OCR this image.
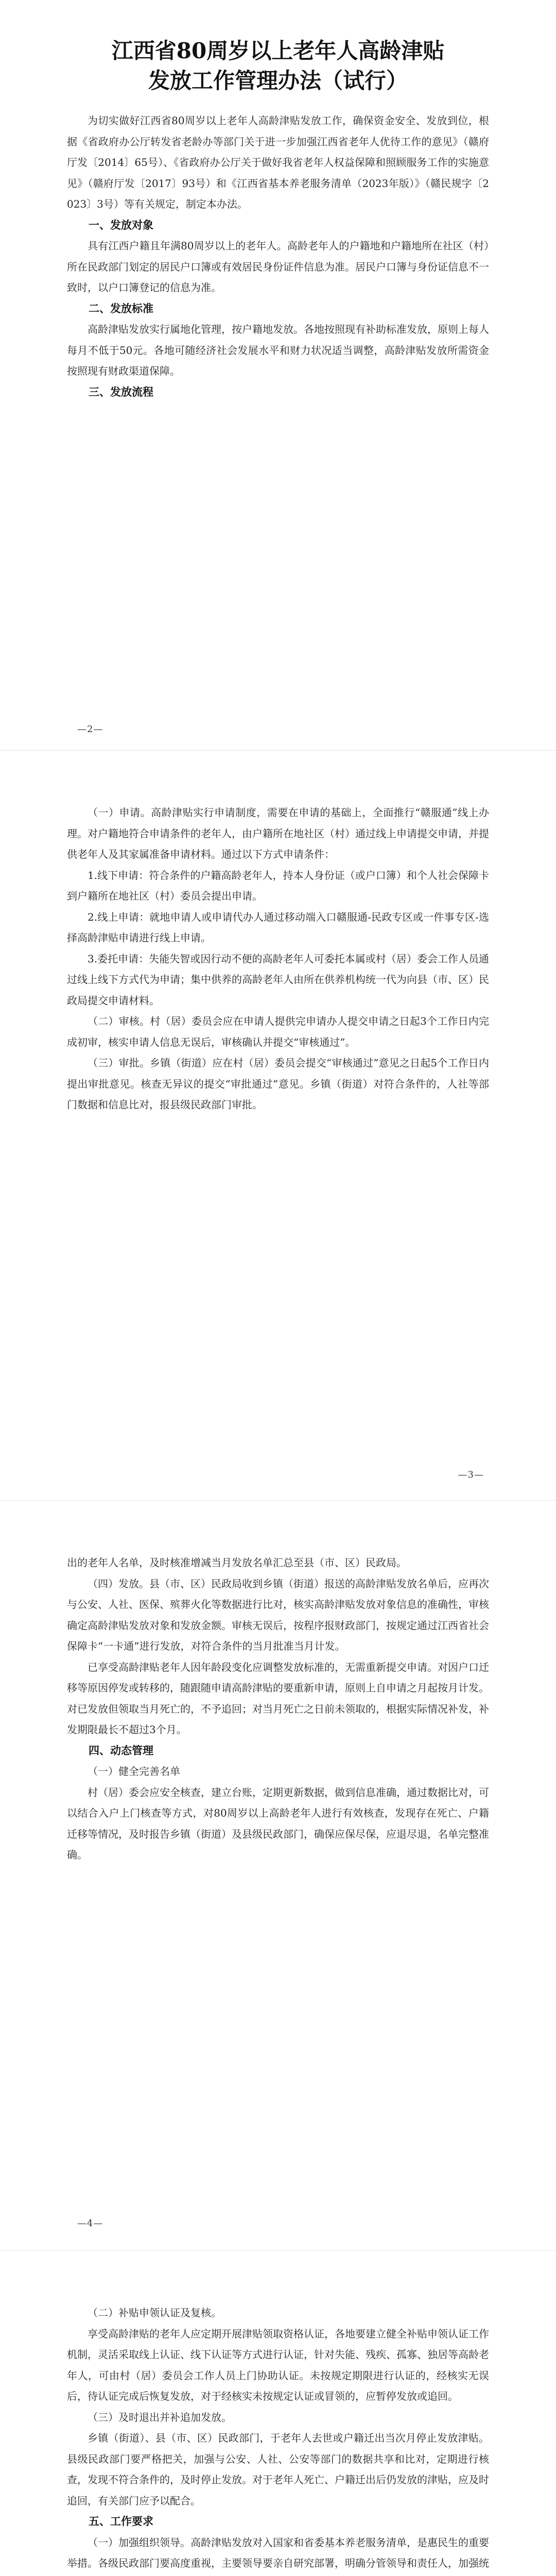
江西省80周岁以上老年人高龄津贴
发放工作管理办法（试行）

为切实做好江西省80周岁以上老年人高龄津贴发放工作，确保资金安全、发放到位，根据《省政府办公厅转发省老龄办等部门关于进一步加强江西省老年人优待工作的意见》（赣府厅发〔2014〕65号）、《省政府办公厅关于做好我省老年人权益保障和照顾服务工作的实施意见》（赣府厅发〔2017〕93号）和《江西省基本养老服务清单（2023年版）》（赣民规字〔2023〕3号）等有关规定，制定本办法。

一、发放对象

具有江西户籍且年满80周岁以上的老年人。高龄老年人的户籍地和户籍地所在社区（村）所在民政部门划定的居民户口簿或有效居民身份证件信息为准。居民户口簿与身份证信息不一致时，以户口簿登记的信息为准。

二、发放标准

高龄津贴发放实行属地化管理，按户籍地发放。各地按照现有补助标准发放，原则上每人每月不低于50元。各地可随经济社会发展水平和财力状况适当调整，高龄津贴发放所需资金按照现有财政渠道保障。

三、发放流程

—2—

（一）申请。高龄津贴实行申请制度，需要在申请的基础上，全面推行“赣服通”线上办理。对户籍地符合申请条件的老年人，由户籍所在地社区（村）通过线上申请提交申请，并提供老年人及其家属准备申请材料。通过以下方式申请条件：

1.线下申请：符合条件的户籍高龄老年人，持本人身份证（或户口簿）和个人社会保障卡到户籍所在地社区（村）委员会提出申请。

2.线上申请：就地申请人或申请代办人通过移动端入口赣服通-民政专区或一件事专区-选择高龄津贴申请进行线上申请。

3.委托申请：失能失智或因行动不便的高龄老年人可委托本属或村（居）委会工作人员通过线上线下方式代为申请；集中供养的高龄老年人由所在供养机构统一代为向县（市、区）民政局提交申请材料。

（二）审核。村（居）委员会应在申请人提供完申请办人提交申请之日起3个工作日内完成初审，核实申请人信息无误后，审核确认并提交“审核通过”。

（三）审批。乡镇（街道）应在村（居）委员会提交“审核通过”意见之日起5个工作日内提出审批意见。核查无异议的提交“审批通过”意见。乡镇（街道）对符合条件的，人社等部门数据和信息比对，报县级民政部门审批。

—3—

出的老年人名单，及时核准增减当月发放名单汇总至县（市、区）民政局。

（四）发放。县（市、区）民政局收到乡镇（街道）报送的高龄津贴发放名单后，应再次与公安、人社、医保、殡葬火化等数据进行比对，核实高龄津贴发放对象信息的准确性，审核确定高龄津贴发放对象和发放金额。审核无误后，按程序报财政部门，按规定通过江西省社会保障卡“一卡通”进行发放，对符合条件的当月批准当月计发。

已享受高龄津贴老年人因年龄段变化应调整发放标准的，无需重新提交申请。对因户口迁移等原因停发或转移的，随跟随申请高龄津贴的要重新申请，原则上自申请之月起按月计发。对已发放但领取当月死亡的，不予追回；对当月死亡之日前未领取的，根据实际情况补发，补发期限最长不超过3个月。

四、动态管理

（一）健全完善名单

村（居）委会应安全核查，建立台账，定期更新数据，做到信息准确，通过数据比对，可以结合入户上门核查等方式，对80周岁以上高龄老年人进行有效核查，发现存在死亡、户籍迁移等情况，及时报告乡镇（街道）及县级民政部门，确保应保尽保，应退尽退，名单完整准确。

—4—

（二）补贴申领认证及复核。

享受高龄津贴的老年人应定期开展津贴领取资格认证，各地要建立健全补贴申领认证工作机制，灵活采取线上认证、线下认证等方式进行认证，针对失能、残疾、孤寡、独居等高龄老年人，可由村（居）委员会工作人员上门协助认证。未按规定期限进行认证的，经核实无误后，待认证完成后恢复发放，对于经核实未按规定认证或冒领的，应暂停发放或追回。

（三）及时退出并补追加发放。

乡镇（街道）、县（市、区）民政部门，于老年人去世或户籍迁出当次月停止发放津贴。县级民政部门要严格把关，加强与公安、人社、公安等部门的数据共享和比对，定期进行核查，发现不符合条件的，及时停止发放。对于老年人死亡、户籍迁出后仍发放的津贴，应及时追回，有关部门应予以配合。

五、工作要求

（一）加强组织领导。高龄津贴发放对入国家和省委基本养老服务清单，是惠民生的重要举措。各级民政部门要高度重视，主要领导要亲自研究部署，明确分管领导和责任人，加强统
